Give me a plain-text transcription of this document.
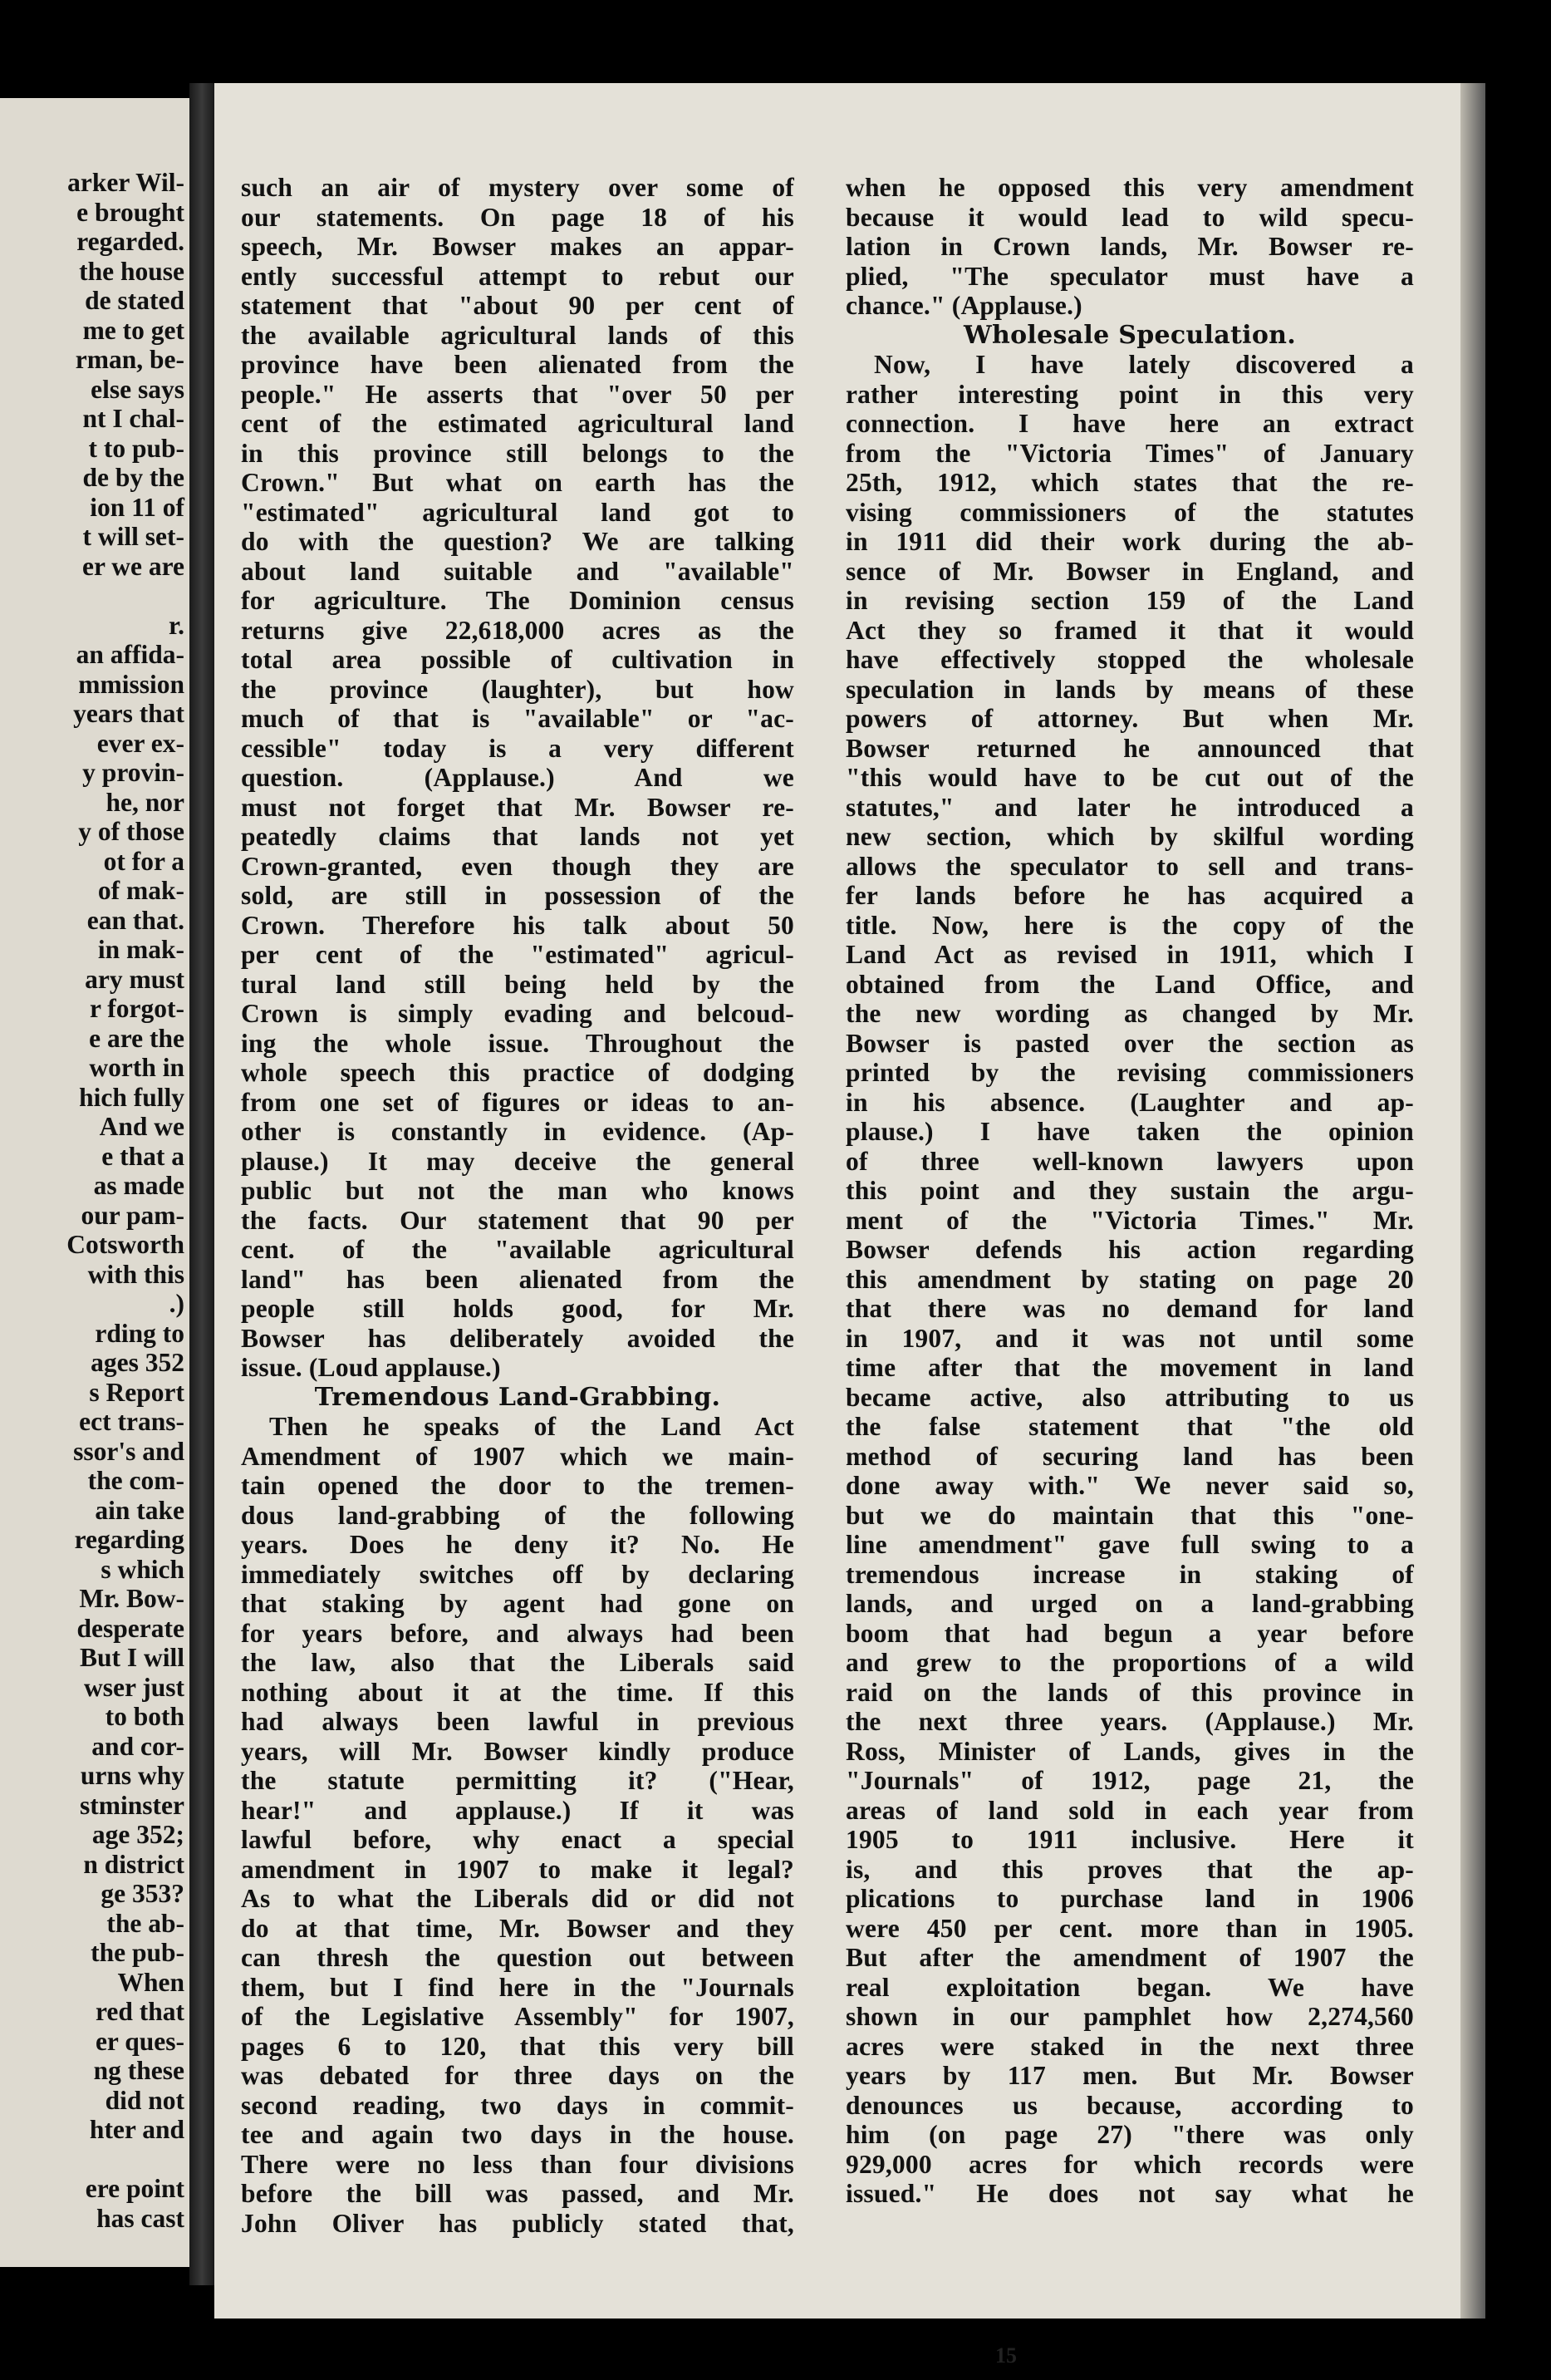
arker Wil-
e brought
regarded.
the house
de stated
me to get
rman, be-
else says
nt I chal-
t to pub-
de by the
ion 11 of
t will set-
er we are

r.
an affida-
mmission
years that
ever ex-
y provin-
he, nor
y of those
ot for a
of mak-
ean that.
in mak-
ary must
r forgot-
e are the
worth in
hich fully
And we
e that a
as made
our pam-
Cotsworth
with this
.)
rding to
ages 352
s Report
ect trans-
ssor's and
the com-
ain take
regarding
s which
Mr. Bow-
desperate
But I will
wser just
to both
and cor-
urns why
stminster
age 352;
n district
ge 353?
the ab-
the pub-
When
red that
er ques-
ng these
did not
hter and

ere point
has cast
such an air of mystery over some of
our statements. On page 18 of his
speech, Mr. Bowser makes an appar-
ently successful attempt to rebut our
statement that "about 90 per cent of
the available agricultural lands of this
province have been alienated from the
people." He asserts that "over 50 per
cent of the estimated agricultural land
in this province still belongs to the
Crown." But what on earth has the
"estimated" agricultural land got to
do with the question? We are talking
about land suitable and "available"
for agriculture. The Dominion census
returns give 22,618,000 acres as the
total area possible of cultivation in
the province (laughter), but how
much of that is "available" or "ac-
cessible" today is a very different
question. (Applause.) And we
must not forget that Mr. Bowser re-
peatedly claims that lands not yet
Crown-granted, even though they are
sold, are still in possession of the
Crown. Therefore his talk about 50
per cent of the "estimated" agricul-
tural land still being held by the
Crown is simply evading and belcoud-
ing the whole issue. Throughout the
whole speech this practice of dodging
from one set of figures or ideas to an-
other is constantly in evidence. (Ap-
plause.) It may deceive the general
public but not the man who knows
the facts. Our statement that 90 per
cent. of the "available agricultural
land" has been alienated from the
people still holds good, for Mr.
Bowser has deliberately avoided the
issue. (Loud applause.)
Tremendous Land-Grabbing.
Then he speaks of the Land Act
Amendment of 1907 which we main-
tain opened the door to the tremen-
dous land-grabbing of the following
years. Does he deny it? No. He
immediately switches off by declaring
that staking by agent had gone on
for years before, and always had been
the law, also that the Liberals said
nothing about it at the time. If this
had always been lawful in previous
years, will Mr. Bowser kindly produce
the statute permitting it? ("Hear,
hear!" and applause.) If it was
lawful before, why enact a special
amendment in 1907 to make it legal?
As to what the Liberals did or did not
do at that time, Mr. Bowser and they
can thresh the question out between
them, but I find here in the "Journals
of the Legislative Assembly" for 1907,
pages 6 to 120, that this very bill
was debated for three days on the
second reading, two days in commit-
tee and again two days in the house.
There were no less than four divisions
before the bill was passed, and Mr.
John Oliver has publicly stated that,
when he opposed this very amendment
because it would lead to wild specu-
lation in Crown lands, Mr. Bowser re-
plied, "The speculator must have a
chance." (Applause.)
Wholesale Speculation.
Now, I have lately discovered a
rather interesting point in this very
connection. I have here an extract
from the "Victoria Times" of January
25th, 1912, which states that the re-
vising commissioners of the statutes
in 1911 did their work during the ab-
sence of Mr. Bowser in England, and
in revising section 159 of the Land
Act they so framed it that it would
have effectively stopped the wholesale
speculation in lands by means of these
powers of attorney. But when Mr.
Bowser returned he announced that
"this would have to be cut out of the
statutes," and later he introduced a
new section, which by skilful wording
allows the speculator to sell and trans-
fer lands before he has acquired a
title. Now, here is the copy of the
Land Act as revised in 1911, which I
obtained from the Land Office, and
the new wording as changed by Mr.
Bowser is pasted over the section as
printed by the revising commissioners
in his absence. (Laughter and ap-
plause.) I have taken the opinion
of three well-known lawyers upon
this point and they sustain the argu-
ment of the "Victoria Times." Mr.
Bowser defends his action regarding
this amendment by stating on page 20
that there was no demand for land
in 1907, and it was not until some
time after that the movement in land
became active, also attributing to us
the false statement that "the old
method of securing land has been
done away with." We never said so,
but we do maintain that this "one-
line amendment" gave full swing to a
tremendous increase in staking of
lands, and urged on a land-grabbing
boom that had begun a year before
and grew to the proportions of a wild
raid on the lands of this province in
the next three years. (Applause.) Mr.
Ross, Minister of Lands, gives in the
"Journals" of 1912, page 21, the
areas of land sold in each year from
1905 to 1911 inclusive. Here it
is, and this proves that the ap-
plications to purchase land in 1906
were 450 per cent. more than in 1905.
But after the amendment of 1907 the
real exploitation began. We have
shown in our pamphlet how 2,274,560
acres were staked in the next three
years by 117 men. But Mr. Bowser
denounces us because, according to
him (on page 27) "there was only
929,000 acres for which records were
issued." He does not say what he
15
